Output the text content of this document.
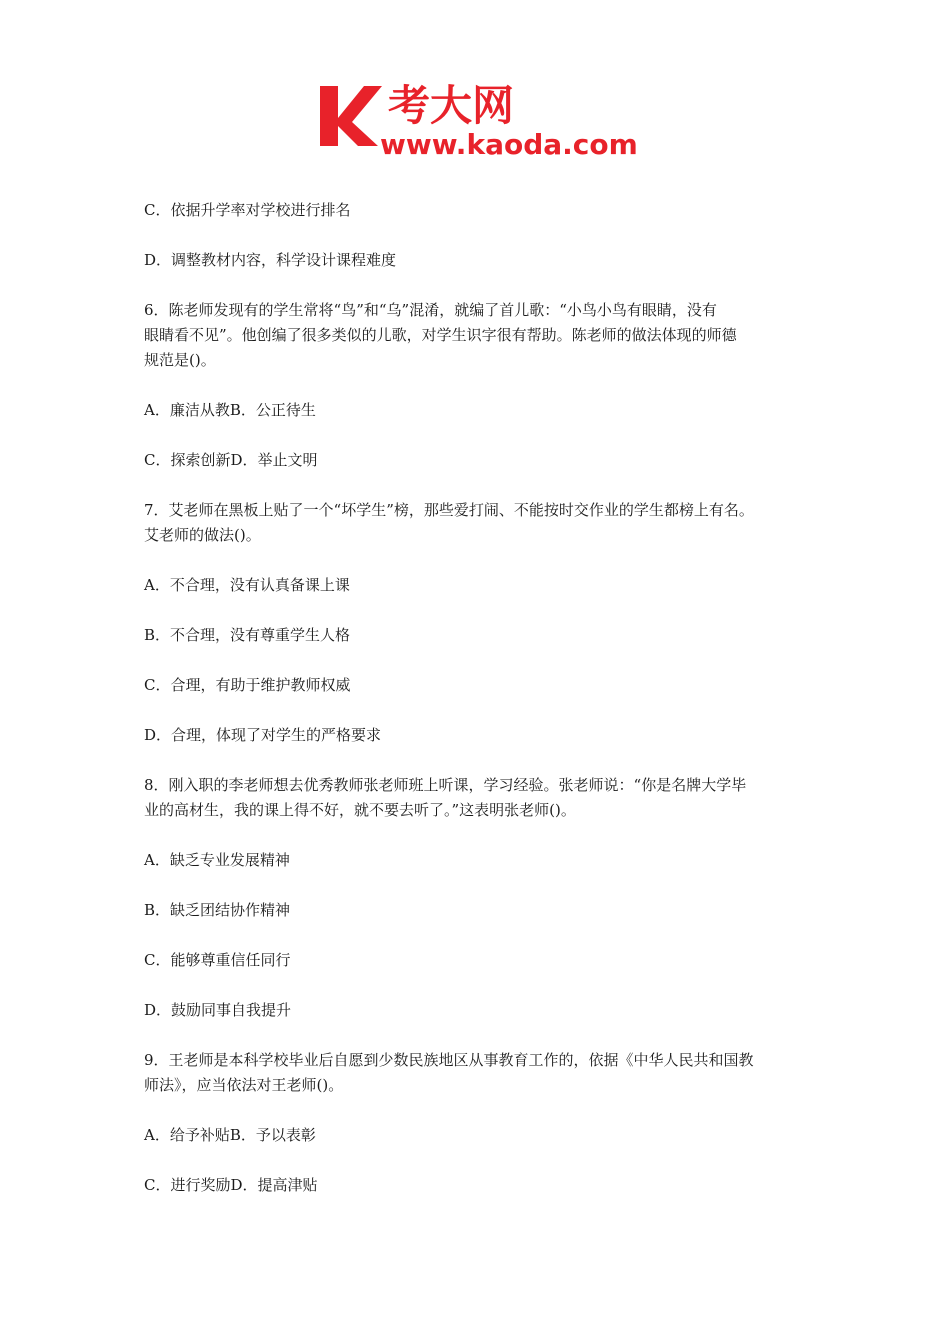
考大网
www.kaoda.com
C．依据升学率对学校进行排名
D．调整教材内容，科学设计课程难度
6．陈老师发现有的学生常将“鸟”和“乌”混淆，就编了首儿歌：“小鸟小鸟有眼睛，没有
眼睛看不见”。他创编了很多类似的儿歌，对学生识字很有帮助。陈老师的做法体现的师德
规范是()。
A．廉洁从教B．公正待生
C．探索创新D．举止文明
7．艾老师在黑板上贴了一个“坏学生”榜，那些爱打闹、不能按时交作业的学生都榜上有名。
艾老师的做法()。
A．不合理，没有认真备课上课
B．不合理，没有尊重学生人格
C．合理，有助于维护教师权威
D．合理，体现了对学生的严格要求
8．刚入职的李老师想去优秀教师张老师班上听课，学习经验。张老师说：“你是名牌大学毕
业的高材生，我的课上得不好，就不要去听了。”这表明张老师()。
A．缺乏专业发展精神
B．缺乏团结协作精神
C．能够尊重信任同行
D．鼓励同事自我提升
9．王老师是本科学校毕业后自愿到少数民族地区从事教育工作的，依据《中华人民共和国教
师法》，应当依法对王老师()。
A．给予补贴B．予以表彰
C．进行奖励D．提高津贴
